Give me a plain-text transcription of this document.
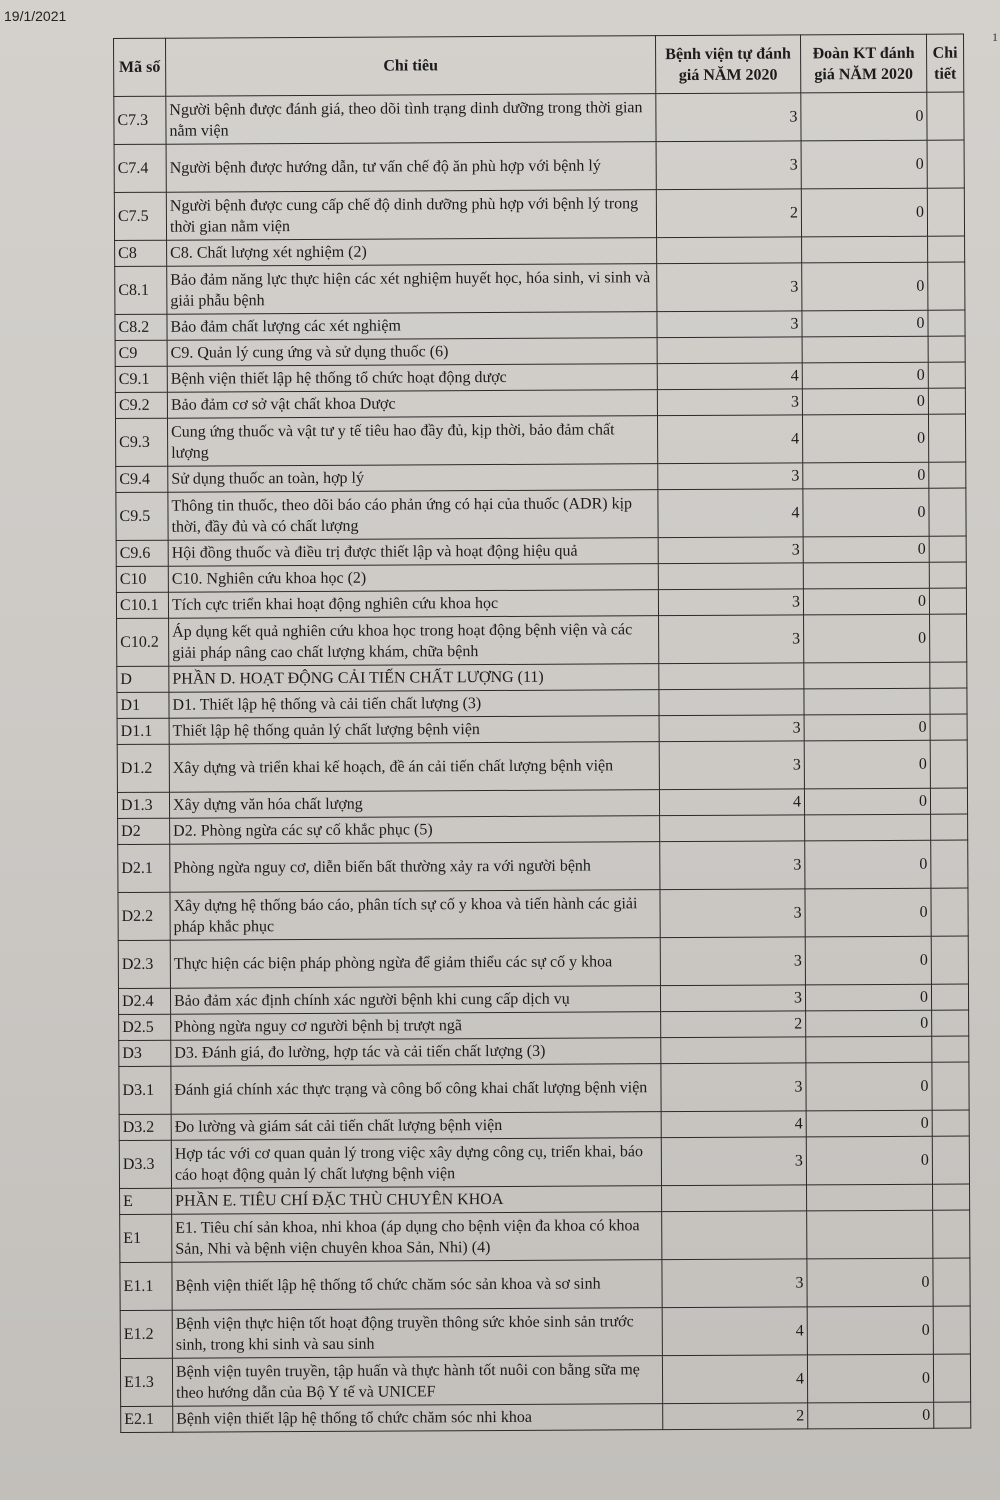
19/1/2021
1
Mã số	Chỉ tiêu	Bệnh viện tự đánh giá NĂM 2020	Đoàn KT đánh giá NĂM 2020	Chi tiết
C7.3	Người bệnh được đánh giá, theo dõi tình trạng dinh dưỡng trong thời gian nằm viện	3	0	
C7.4	Người bệnh được hướng dẫn, tư vấn chế độ ăn phù hợp với bệnh lý	3	0	
C7.5	Người bệnh được cung cấp chế độ dinh dưỡng phù hợp với bệnh lý trong thời gian nằm viện	2	0	
C8	C8. Chất lượng xét nghiệm (2)			
C8.1	Bảo đảm năng lực thực hiện các xét nghiệm huyết học, hóa sinh, vi sinh và giải phẫu bệnh	3	0	
C8.2	Bảo đảm chất lượng các xét nghiệm	3	0	
C9	C9. Quản lý cung ứng và sử dụng thuốc (6)			
C9.1	Bệnh viện thiết lập hệ thống tổ chức hoạt động dược	4	0	
C9.2	Bảo đảm cơ sở vật chất khoa Dược	3	0	
C9.3	Cung ứng thuốc và vật tư y tế tiêu hao đầy đủ, kịp thời, bảo đảm chất lượng	4	0	
C9.4	Sử dụng thuốc an toàn, hợp lý	3	0	
C9.5	Thông tin thuốc, theo dõi báo cáo phản ứng có hại của thuốc (ADR) kịp thời, đầy đủ và có chất lượng	4	0	
C9.6	Hội đồng thuốc và điều trị được thiết lập và hoạt động hiệu quả	3	0	
C10	C10. Nghiên cứu khoa học (2)			
C10.1	Tích cực triển khai hoạt động nghiên cứu khoa học	3	0	
C10.2	Áp dụng kết quả nghiên cứu khoa học trong hoạt động bệnh viện và các giải pháp nâng cao chất lượng khám, chữa bệnh	3	0	
D	PHẦN D. HOẠT ĐỘNG CẢI TIẾN CHẤT LƯỢNG (11)			
D1	D1. Thiết lập hệ thống và cải tiến chất lượng (3)			
D1.1	Thiết lập hệ thống quản lý chất lượng bệnh viện	3	0	
D1.2	Xây dựng và triển khai kế hoạch, đề án cải tiến chất lượng bệnh viện	3	0	
D1.3	Xây dựng văn hóa chất lượng	4	0	
D2	D2. Phòng ngừa các sự cố khắc phục (5)			
D2.1	Phòng ngừa nguy cơ, diễn biến bất thường xảy ra với người bệnh	3	0	
D2.2	Xây dựng hệ thống báo cáo, phân tích sự cố y khoa và tiến hành các giải pháp khắc phục	3	0	
D2.3	Thực hiện các biện pháp phòng ngừa để giảm thiểu các sự cố y khoa	3	0	
D2.4	Bảo đảm xác định chính xác người bệnh khi cung cấp dịch vụ	3	0	
D2.5	Phòng ngừa nguy cơ người bệnh bị trượt ngã	2	0	
D3	D3. Đánh giá, đo lường, hợp tác và cải tiến chất lượng (3)			
D3.1	Đánh giá chính xác thực trạng và công bố công khai chất lượng bệnh viện	3	0	
D3.2	Đo lường và giám sát cải tiến chất lượng bệnh viện	4	0	
D3.3	Hợp tác với cơ quan quản lý trong việc xây dựng công cụ, triển khai, báo cáo hoạt động quản lý chất lượng bệnh viện	3	0	
E	PHẦN E. TIÊU CHÍ ĐẶC THÙ CHUYÊN KHOA			
E1	E1. Tiêu chí sản khoa, nhi khoa (áp dụng cho bệnh viện đa khoa có khoa Sản, Nhi và bệnh viện chuyên khoa Sản, Nhi) (4)			
E1.1	Bệnh viện thiết lập hệ thống tổ chức chăm sóc sản khoa và sơ sinh	3	0	
E1.2	Bệnh viện thực hiện tốt hoạt động truyền thông sức khỏe sinh sản trước sinh, trong khi sinh và sau sinh	4	0	
E1.3	Bệnh viện tuyên truyền, tập huấn và thực hành tốt nuôi con bằng sữa mẹ theo hướng dẫn của Bộ Y tế và UNICEF	4	0	
E2.1	Bệnh viện thiết lập hệ thống tổ chức chăm sóc nhi khoa	2	0	
